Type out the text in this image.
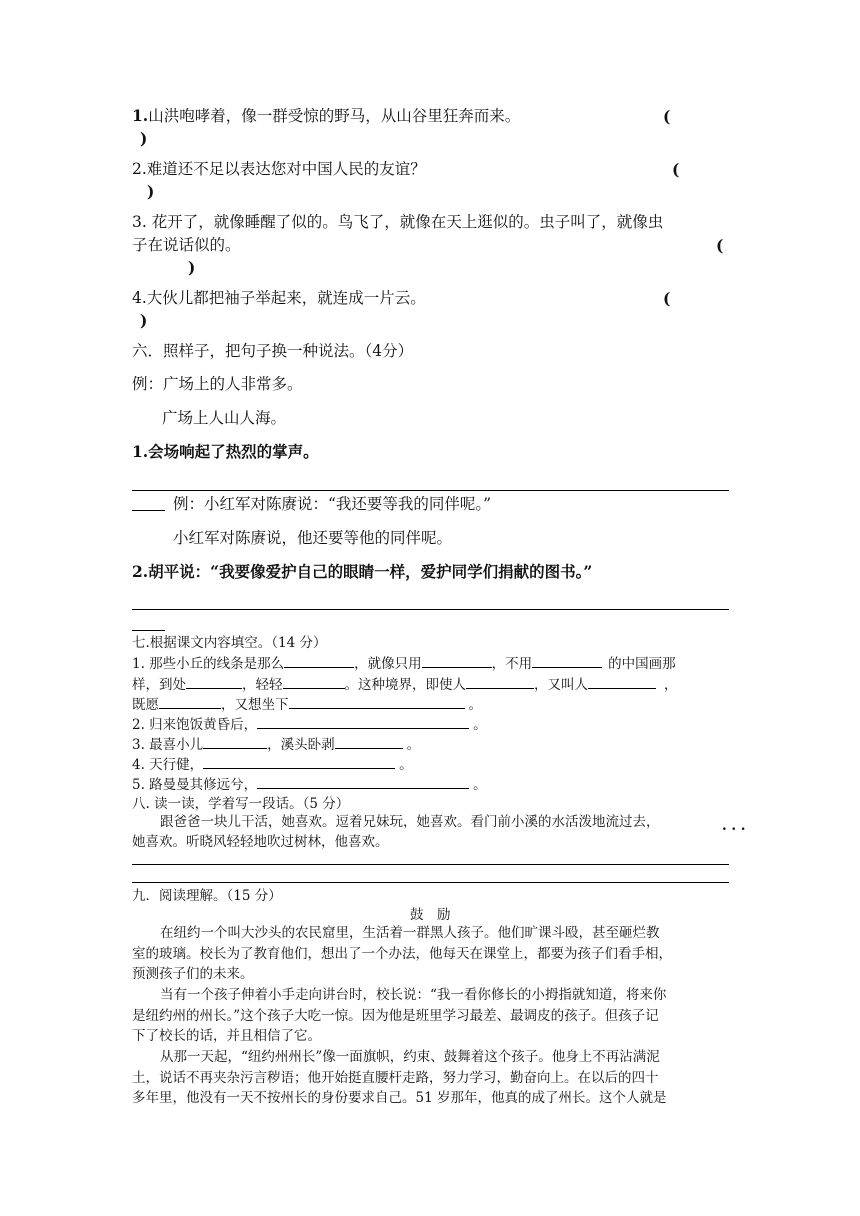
1.山洪咆哮着，像一群受惊的野马，从山谷里狂奔而来。	(
)
2.难道还不足以表达您对中国人民的友谊？	(
)
3. 花开了，就像睡醒了似的。鸟飞了，就像在天上逛似的。虫子叫了，就像虫
子在说话似的。	(
)
4.大伙儿都把袖子举起来，就连成一片云。	(
)
六．照样子，把句子换一种说法。（4分）
例：广场上的人非常多。
广场上人山人海。
1.会场响起了热烈的掌声。
例：小红军对陈赓说：“我还要等我的同伴呢。”
小红军对陈赓说，他还要等他的同伴呢。
2.胡平说：“我要像爱护自己的眼睛一样，爱护同学们捐献的图书。”
七.根据课文内容填空。（14 分）
1. 那些小丘的线条是那么	，就像只用	，不用	的中国画那
样，到处	，轻轻	。这种境界，即使人	，又叫人	，
既愿	，又想坐下	。
2. 归来饱饭黄昏后，	。
3. 最喜小儿	，溪头卧剥	。
4. 天行健，	。
5. 路曼曼其修远兮，	。
八. 读一读，学着写一段话。（5 分）
跟爸爸一块儿干活，她喜欢。逗着兄妹玩，她喜欢。看门前小溪的水活泼地流过去，	. . .
她喜欢。听晓风轻轻地吹过树林，他喜欢。
九．阅读理解。（15 分）
鼓　励
在纽约一个叫大沙头的农民窟里，生活着一群黑人孩子。他们旷课斗殴，甚至砸烂教
室的玻璃。校长为了教育他们，想出了一个办法，他每天在课堂上，都要为孩子们看手相，
预测孩子们的未来。
当有一个孩子伸着小手走向讲台时，校长说：“我一看你修长的小拇指就知道，将来你
是纽约州的州长。”这个孩子大吃一惊。因为他是班里学习最差、最调皮的孩子。但孩子记
下了校长的话，并且相信了它。
从那一天起，“纽约州州长”像一面旗帜，约束、鼓舞着这个孩子。他身上不再沾满泥
土，说话不再夹杂污言秽语；他开始挺直腰杆走路，努力学习，勤奋向上。在以后的四十
多年里，他没有一天不按州长的身份要求自己。51 岁那年，他真的成了州长。这个人就是
